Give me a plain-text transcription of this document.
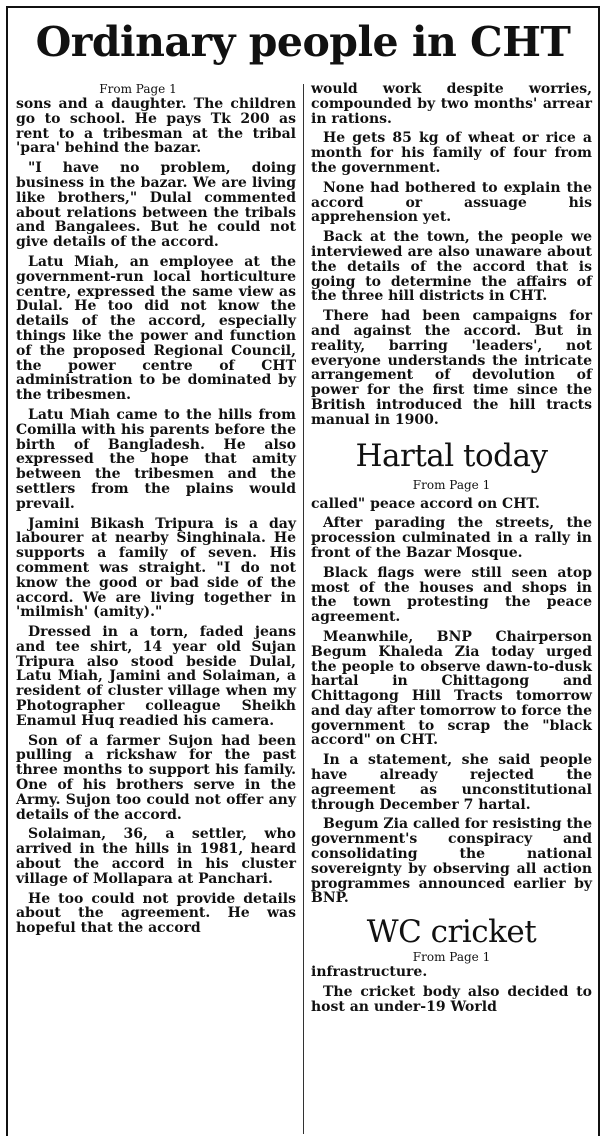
Ordinary people in CHT
From Page 1

sons and a daughter. The children go to school. He pays Tk 200 as rent to a tribesman at the tribal 'para' behind the bazar.

"I have no problem, doing business in the bazar. We are living like brothers," Dulal commented about relations between the tribals and Bangalees. But he could not give details of the accord.

Latu Miah, an employee at the government-run local horticulture centre, expressed the same view as Dulal. He too did not know the details of the accord, especially things like the power and function of the proposed Regional Council, the power centre of CHT administration to be dominated by the tribesmen.

Latu Miah came to the hills from Comilla with his parents before the birth of Bangladesh. He also expressed the hope that amity between the tribesmen and the settlers from the plains would prevail.

Jamini Bikash Tripura is a day labourer at nearby Singhinala. He supports a family of seven. His comment was straight. "I do not know the good or bad side of the accord. We are living together in 'milmish' (amity)."

Dressed in a torn, faded jeans and tee shirt, 14 year old Sujan Tripura also stood beside Dulal, Latu Miah, Jamini and Solaiman, a resident of cluster village when my Photographer colleague Sheikh Enamul Huq readied his camera.

Son of a farmer Sujon had been pulling a rickshaw for the past three months to support his family. One of his brothers serve in the Army. Sujon too could not offer any details of the accord.

Solaiman, 36, a settler, who arrived in the hills in 1981, heard about the accord in his cluster village of Mollapara at Panchari.

He too could not provide details about the agreement. He was hopeful that the accord

would work despite worries, compounded by two months' arrear in rations.

He gets 85 kg of wheat or rice a month for his family of four from the government.

None had bothered to explain the accord or assuage his apprehension yet.

Back at the town, the people we interviewed are also unaware about the details of the accord that is going to determine the affairs of the three hill districts in CHT.

There had been campaigns for and against the accord. But in reality, barring 'leaders', not everyone understands the intricate arrangement of devolution of power for the first time since the British introduced the hill tracts manual in 1900.

Hartal today
From Page 1

called" peace accord on CHT.

After parading the streets, the procession culminated in a rally in front of the Bazar Mosque.

Black flags were still seen atop most of the houses and shops in the town protesting the peace agreement.

Meanwhile, BNP Chairperson Begum Khaleda Zia today urged the people to observe dawn-to-dusk hartal in Chittagong and Chittagong Hill Tracts tomorrow and day after tomorrow to force the government to scrap the "black accord" on CHT.

In a statement, she said people have already rejected the agreement as unconstitutional through December 7 hartal.

Begum Zia called for resisting the government's conspiracy and consolidating the national sovereignty by observing all action programmes announced earlier by BNP.

WC cricket
From Page 1

infrastructure.

The cricket body also decided to host an under-19 World
